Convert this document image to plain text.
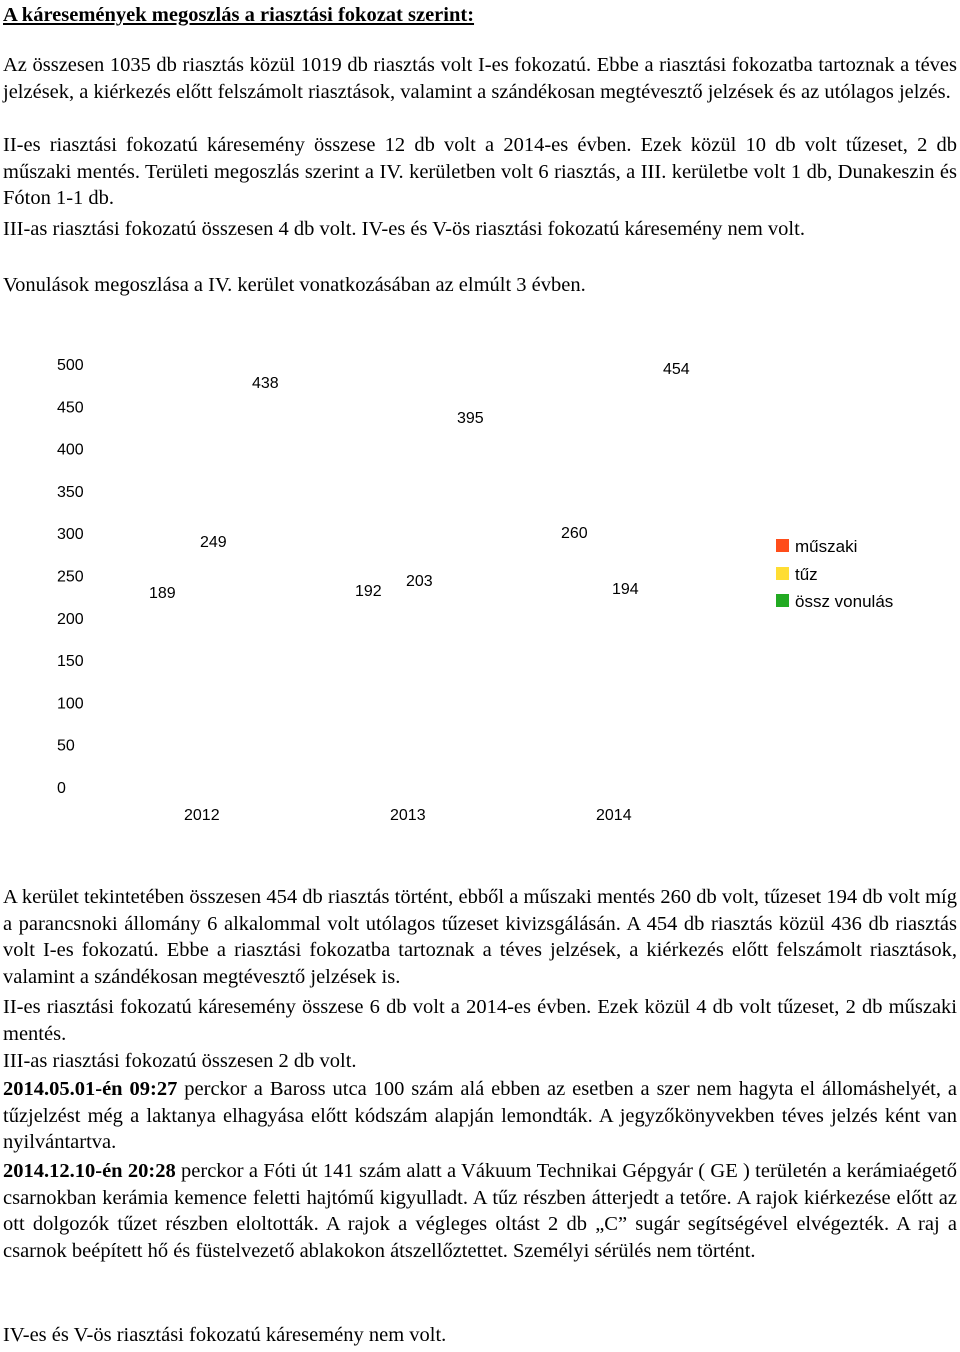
A káresemények megoszlás a riasztási fokozat szerint:

Az összesen 1035 db riasztás közül 1019 db riasztás volt I-es fokozatú. Ebbe a riasztási fokozatba tartoznak a téves jelzések, a kiérkezés előtt felszámolt riasztások, valamint a szándékosan megtévesztő jelzések és az utólagos jelzés.

II-es riasztási fokozatú káresemény összese 12 db volt a 2014-es évben. Ezek közül 10 db volt tűzeset, 2 db műszaki mentés. Területi megoszlás szerint a IV. kerületben volt 6 riasztás, a III. kerületbe volt 1 db, Dunakeszin és Fóton 1-1 db.

III-as riasztási fokozatú összesen 4 db volt. IV-es és V-ös riasztási fokozatú káresemény nem volt.

Vonulások megoszlása a IV. kerület vonatkozásában az elmúlt 3 évben.

0
50
100
150
200
250
300
350
400
450
500
189
249
438
2012
192
203
395
2013
260
194
454
2014
műszaki
tűz
össz vonulás

A kerület tekintetében összesen 454 db riasztás történt, ebből a műszaki mentés 260 db volt, tűzeset 194 db volt míg a parancsnoki állomány 6 alkalommal volt utólagos tűzeset kivizsgálásán. A 454 db riasztás közül 436 db riasztás volt I-es fokozatú. Ebbe a riasztási fokozatba tartoznak a téves jelzések, a kiérkezés előtt felszámolt riasztások, valamint a szándékosan megtévesztő jelzések is.

II-es riasztási fokozatú káresemény összese 6 db volt a 2014-es évben. Ezek közül 4 db volt tűzeset, 2 db műszaki mentés.

III-as riasztási fokozatú összesen 2 db volt.

2014.05.01-én 09:27 perckor a Baross utca 100 szám alá ebben az esetben a szer nem hagyta el állomáshelyét, a tűzjelzést még a laktanya elhagyása előtt kódszám alapján lemondták. A jegyzőkönyvekben téves jelzés ként van nyilvántartva.

2014.12.10-én 20:28 perckor a Fóti út 141 szám alatt a Vákuum Technikai Gépgyár ( GE ) területén a kerámiaégető csarnokban kerámia kemence feletti hajtómű kigyulladt. A tűz részben átterjedt a tetőre. A rajok kiérkezése előtt az ott dolgozók tűzet részben eloltották. A rajok a végleges oltást 2 db „C” sugár segítségével elvégezték. A raj a csarnok beépített hő és füstelvezető ablakokon átszellőztettet. Személyi sérülés nem történt.

IV-es és V-ös riasztási fokozatú káresemény nem volt.
